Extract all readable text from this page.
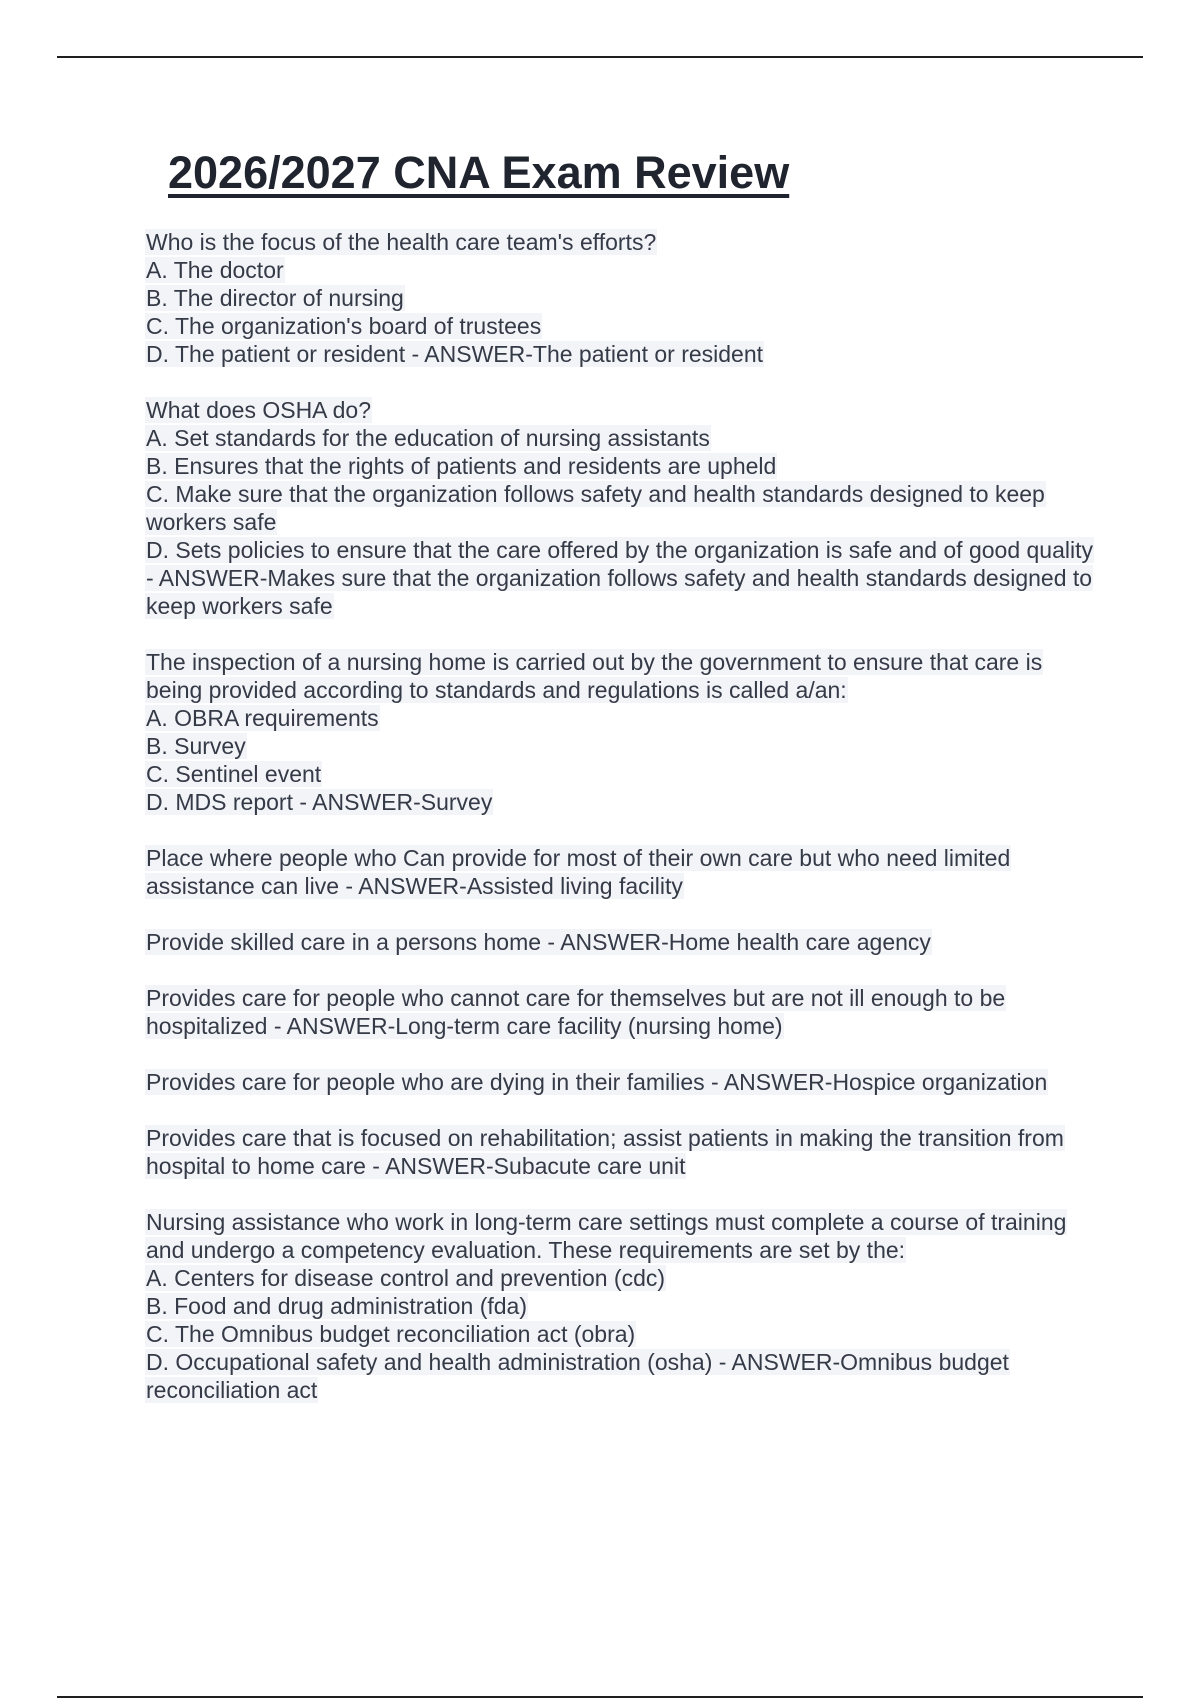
2026/2027 CNA Exam Review
Who is the focus of the health care team's efforts?
A. The doctor
B. The director of nursing
C. The organization's board of trustees
D. The patient or resident - ANSWER-The patient or resident
What does OSHA do?
A. Set standards for the education of nursing assistants
B. Ensures that the rights of patients and residents are upheld
C. Make sure that the organization follows safety and health standards designed to keep workers safe
D. Sets policies to ensure that the care offered by the organization is safe and of good quality - ANSWER-Makes sure that the organization follows safety and health standards designed to keep workers safe
The inspection of a nursing home is carried out by the government to ensure that care is being provided according to standards and regulations is called a/an:
A. OBRA requirements
B. Survey
C. Sentinel event
D. MDS report - ANSWER-Survey
Place where people who Can provide for most of their own care but who need limited assistance can live - ANSWER-Assisted living facility
Provide skilled care in a persons home - ANSWER-Home health care agency
Provides care for people who cannot care for themselves but are not ill enough to be hospitalized - ANSWER-Long-term care facility (nursing home)
Provides care for people who are dying in their families - ANSWER-Hospice organization
Provides care that is focused on rehabilitation; assist patients in making the transition from hospital to home care - ANSWER-Subacute care unit
Nursing assistance who work in long-term care settings must complete a course of training and undergo a competency evaluation. These requirements are set by the:
A. Centers for disease control and prevention (cdc)
B. Food and drug administration (fda)
C. The Omnibus budget reconciliation act (obra)
D. Occupational safety and health administration (osha) - ANSWER-Omnibus budget reconciliation act
